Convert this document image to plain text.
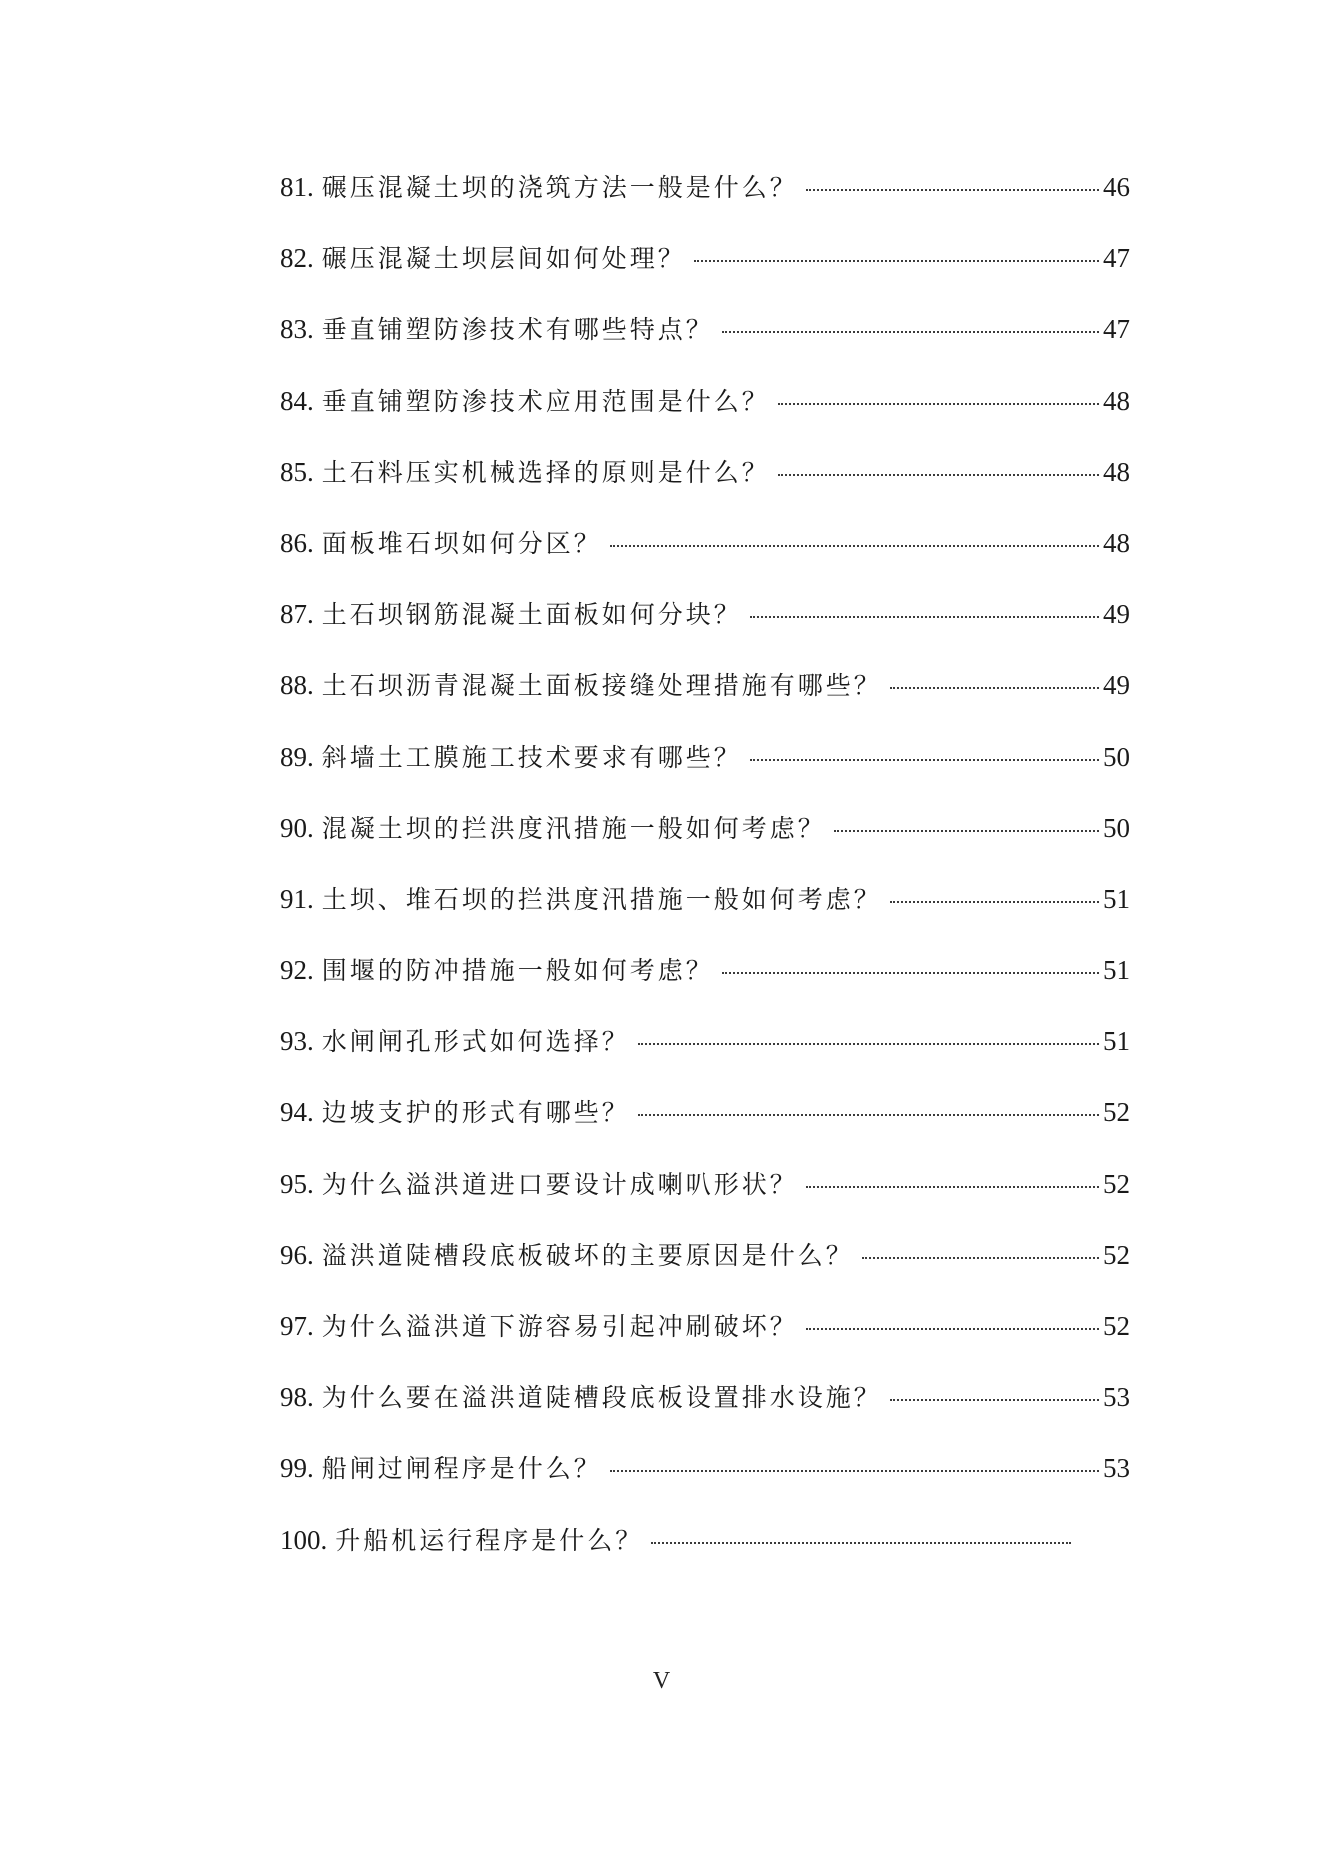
81. 碾压混凝土坝的浇筑方法一般是什么？	46
82. 碾压混凝土坝层间如何处理？	47
83. 垂直铺塑防渗技术有哪些特点？	47
84. 垂直铺塑防渗技术应用范围是什么？	48
85. 土石料压实机械选择的原则是什么？	48
86. 面板堆石坝如何分区？	48
87. 土石坝钢筋混凝土面板如何分块？	49
88. 土石坝沥青混凝土面板接缝处理措施有哪些？	49
89. 斜墙土工膜施工技术要求有哪些？	50
90. 混凝土坝的拦洪度汛措施一般如何考虑？	50
91. 土坝、堆石坝的拦洪度汛措施一般如何考虑？	51
92. 围堰的防冲措施一般如何考虑？	51
93. 水闸闸孔形式如何选择？	51
94. 边坡支护的形式有哪些？	52
95. 为什么溢洪道进口要设计成喇叭形状？	52
96. 溢洪道陡槽段底板破坏的主要原因是什么？	52
97. 为什么溢洪道下游容易引起冲刷破坏？	52
98. 为什么要在溢洪道陡槽段底板设置排水设施？	53
99. 船闸过闸程序是什么？	53
100. 升船机运行程序是什么？
V
